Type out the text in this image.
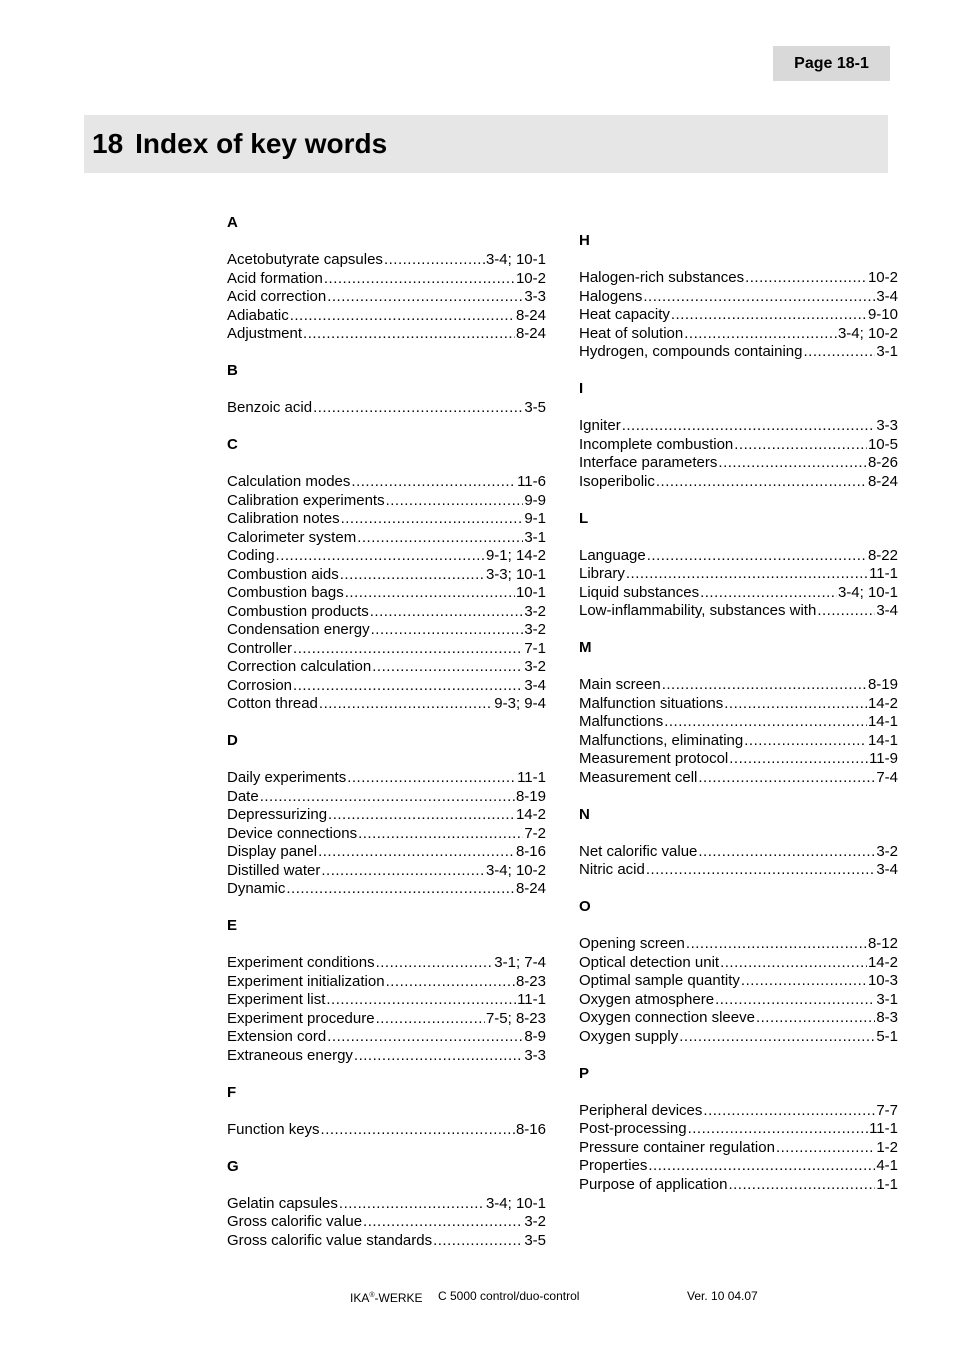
Page 18-1
18 Index of key words
A
Acetobutyrate capsules .....	3-4; 10-1
Acid formation .....	10-2
Acid correction .....	3-3
Adiabatic .....	8-24
Adjustment .....	8-24
B
Benzoic acid .....	3-5
C
Calculation modes .....	11-6
Calibration experiments .....	9-9
Calibration notes .....	9-1
Calorimeter system .....	3-1
Coding .....	9-1; 14-2
Combustion aids .....	3-3; 10-1
Combustion bags .....	10-1
Combustion products .....	3-2
Condensation energy .....	3-2
Controller .....	7-1
Correction calculation .....	3-2
Corrosion .....	3-4
Cotton thread .....	9-3; 9-4
D
Daily experiments .....	11-1
Date .....	8-19
Depressurizing .....	14-2
Device connections .....	7-2
Display panel .....	8-16
Distilled water .....	3-4; 10-2
Dynamic .....	8-24
E
Experiment conditions .....	3-1; 7-4
Experiment initialization .....	8-23
Experiment list .....	11-1
Experiment procedure .....	7-5; 8-23
Extension cord .....	8-9
Extraneous energy .....	3-3
F
Function keys .....	8-16
G
Gelatin capsules .....	3-4; 10-1
Gross calorific value .....	3-2
Gross calorific value standards .....	3-5
H
Halogen-rich substances .....	10-2
Halogens .....	3-4
Heat capacity .....	9-10
Heat of solution .....	3-4; 10-2
Hydrogen, compounds containing .....	3-1
I
Igniter .....	3-3
Incomplete combustion .....	10-5
Interface parameters .....	8-26
Isoperibolic .....	8-24
L
Language .....	8-22
Library .....	11-1
Liquid substances .....	3-4; 10-1
Low-inflammability, substances with .....	3-4
M
Main screen .....	8-19
Malfunction situations .....	14-2
Malfunctions .....	14-1
Malfunctions, eliminating .....	14-1
Measurement protocol .....	11-9
Measurement cell .....	7-4
N
Net calorific value .....	3-2
Nitric acid .....	3-4
O
Opening screen .....	8-12
Optical detection unit .....	14-2
Optimal sample quantity .....	10-3
Oxygen atmosphere .....	3-1
Oxygen connection sleeve .....	8-3
Oxygen supply .....	5-1
P
Peripheral devices .....	7-7
Post-processing .....	11-1
Pressure container regulation .....	1-2
Properties .....	4-1
Purpose of application .....	1-1
IKA®-WERKE C 5000 control/duo-control	Ver. 10 04.07
